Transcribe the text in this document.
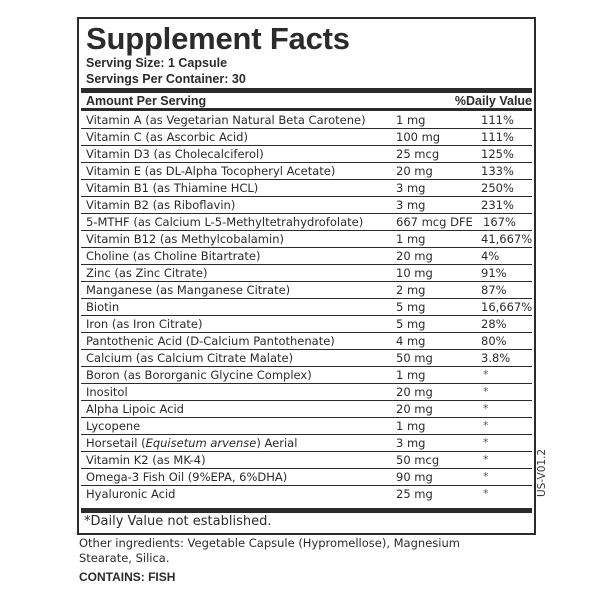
Supplement Facts
Serving Size: 1 Capsule
Servings Per Container: 30
Amount Per Serving	%Daily Value
Vitamin A (as Vegetarian Natural Beta Carotene)	1 mg	111%
Vitamin C (as Ascorbic Acid)	100 mg	111%
Vitamin D3 (as Cholecalciferol)	25 mcg	125%
Vitamin E (as DL-Alpha Tocopheryl Acetate)	20 mg	133%
Vitamin B1 (as Thiamine HCL)	3 mg	250%
Vitamin B2 (as Riboflavin)	3 mg	231%
5-MTHF (as Calcium L-5-Methyltetrahydrofolate)	667 mcg DFE 167%
Vitamin B12 (as Methylcobalamin)	1 mg	41,667%
Choline (as Choline Bitartrate)	20 mg	4%
Zinc (as Zinc Citrate)	10 mg	91%
Manganese (as Manganese Citrate)	2 mg	87%
Biotin	5 mg	16,667%
Iron (as Iron Citrate)	5 mg	28%
Pantothenic Acid (D-Calcium Pantothenate)	4 mg	80%
Calcium (as Calcium Citrate Malate)	50 mg	3.8%
Boron (as Bororganic Glycine Complex)	1 mg	*
Inositol	20 mg	*
Alpha Lipoic Acid	20 mg	*
Lycopene	1 mg	*
Horsetail (Equisetum arvense) Aerial	3 mg	*
Vitamin K2 (as MK-4)	50 mcg	*
Omega-3 Fish Oil (9%EPA, 6%DHA)	90 mg	*
Hyaluronic Acid	25 mg	*
*Daily Value not established.
US-V01.2
Other ingredients: Vegetable Capsule (Hypromellose), Magnesium Stearate, Silica.
CONTAINS: FISH
